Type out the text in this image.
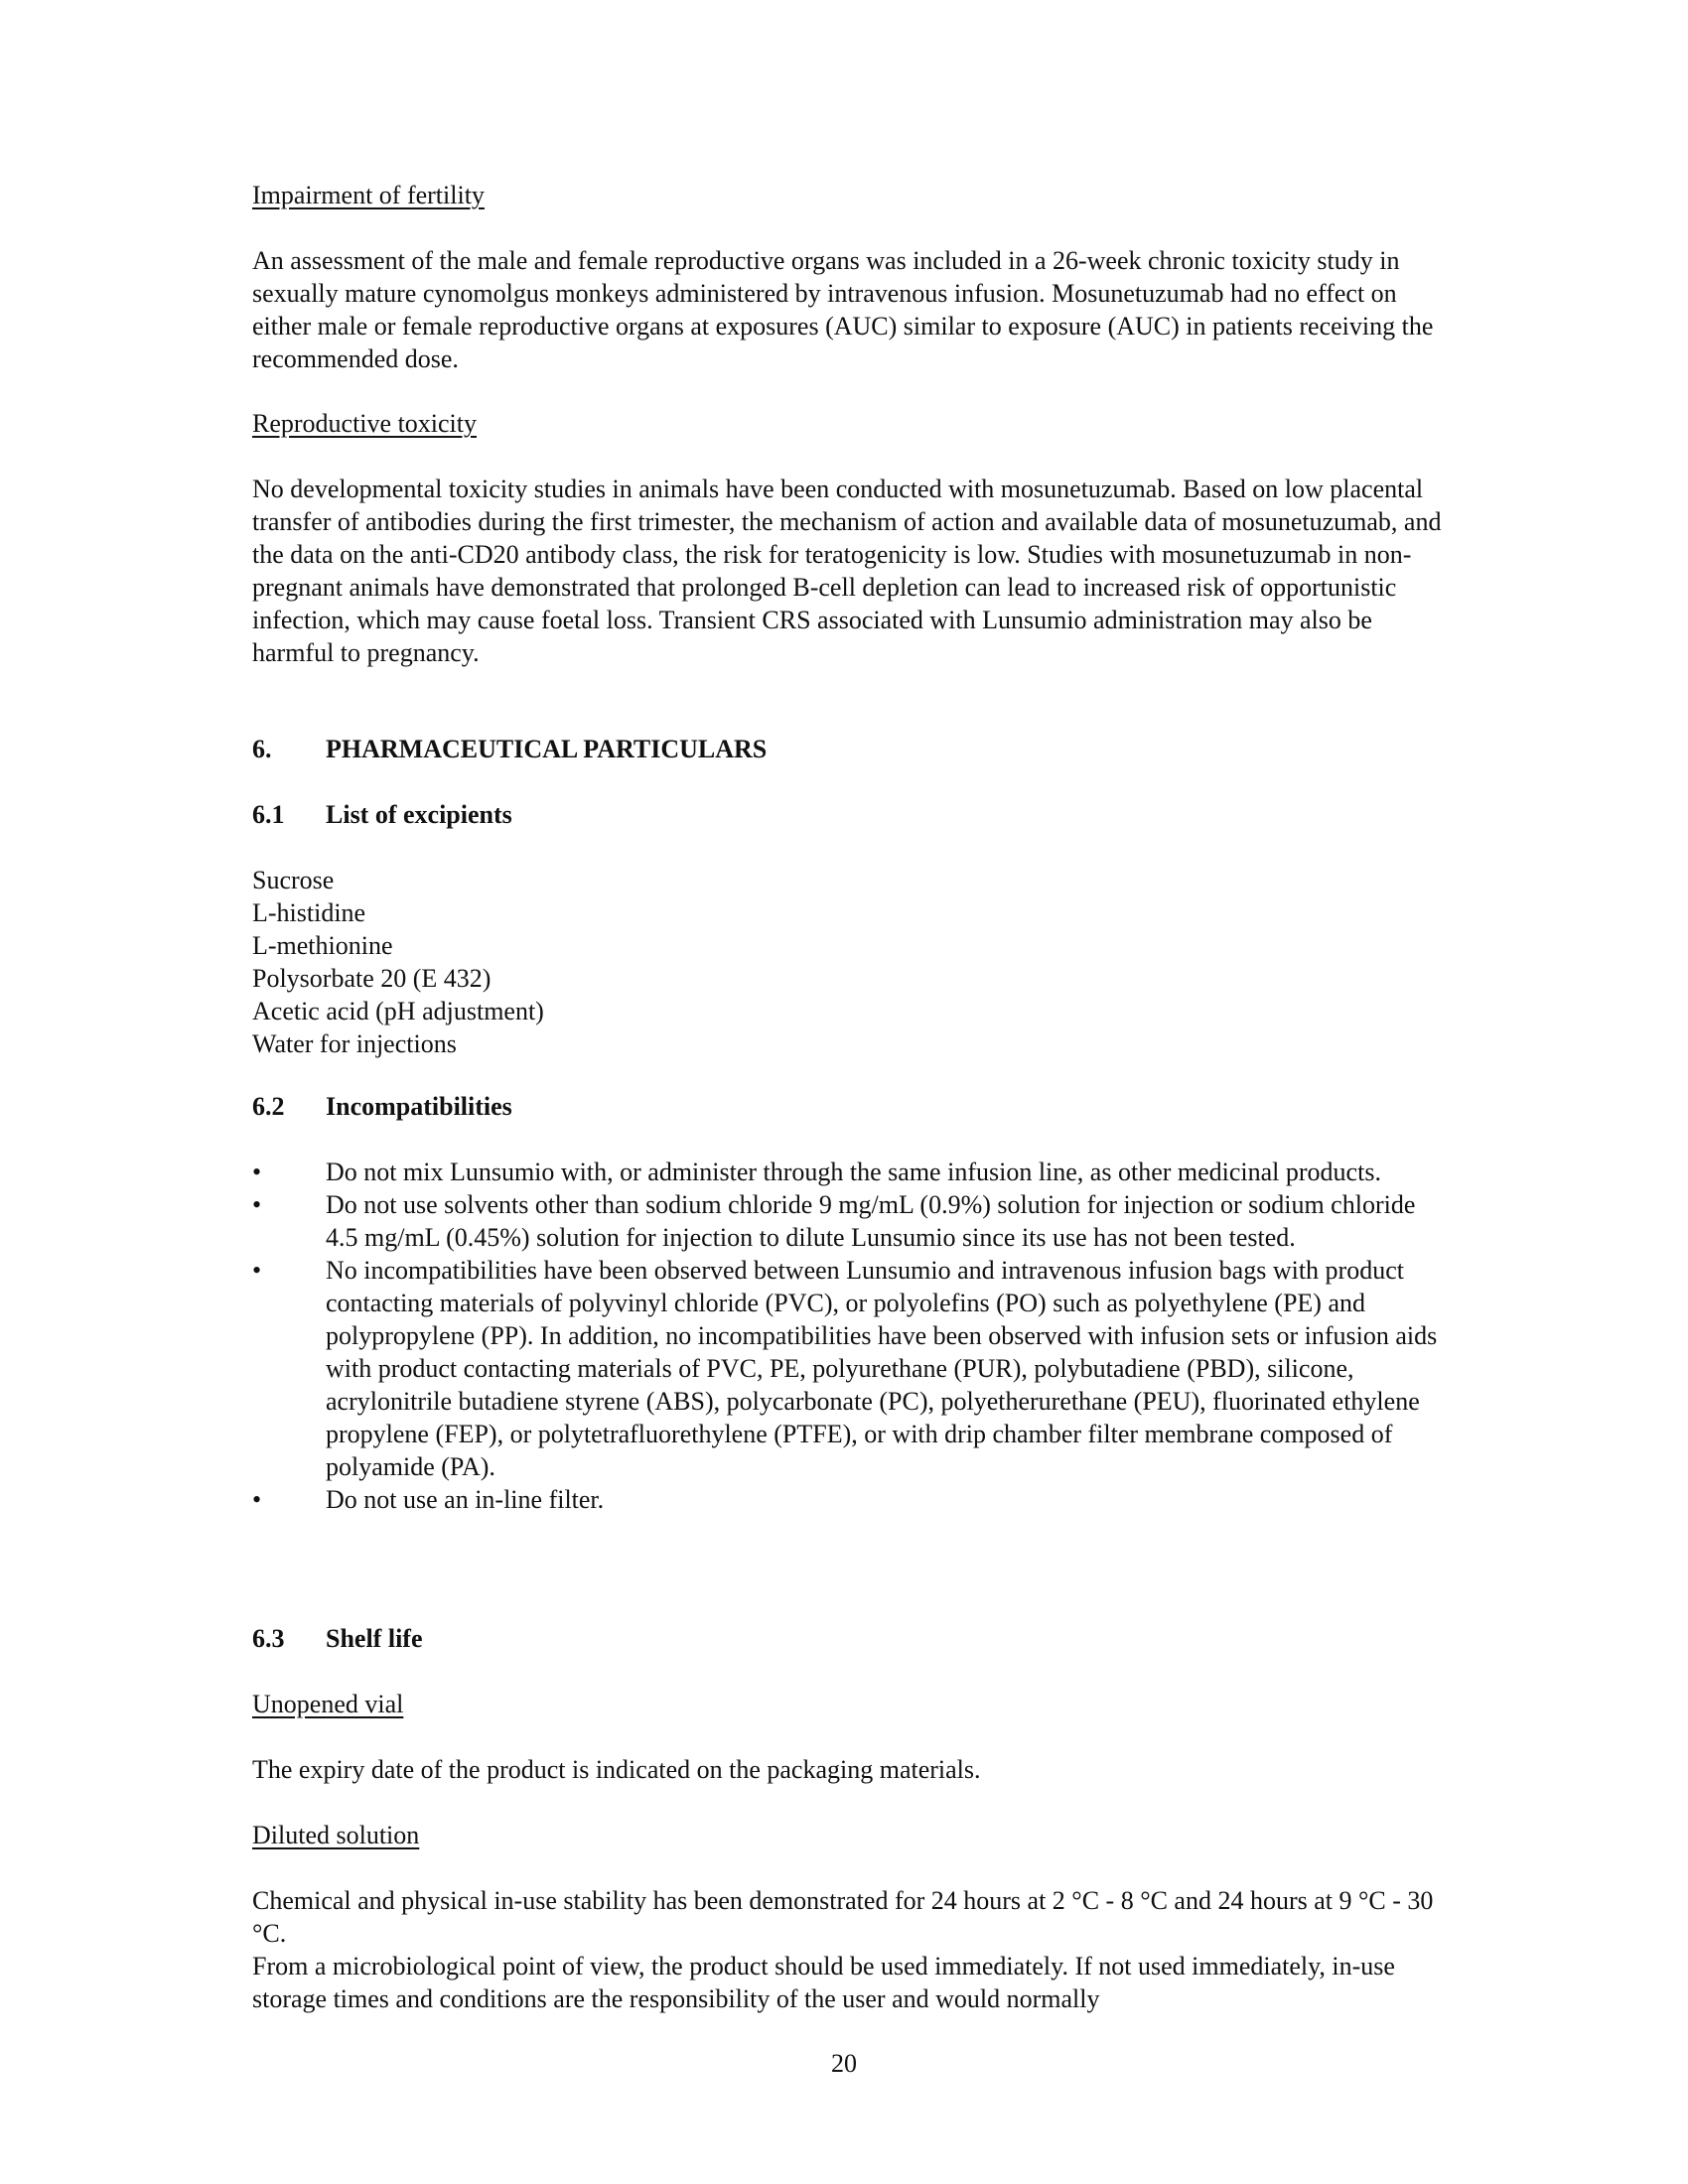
Impairment of fertility

An assessment of the male and female reproductive organs was included in a 26-week chronic toxicity study in sexually mature cynomolgus monkeys administered by intravenous infusion. Mosunetuzumab had no effect on either male or female reproductive organs at exposures (AUC) similar to exposure (AUC) in patients receiving the recommended dose.

Reproductive toxicity

No developmental toxicity studies in animals have been conducted with mosunetuzumab. Based on low placental transfer of antibodies during the first trimester, the mechanism of action and available data of mosunetuzumab, and the data on the anti-CD20 antibody class, the risk for teratogenicity is low. Studies with mosunetuzumab in non-pregnant animals have demonstrated that prolonged B-cell depletion can lead to increased risk of opportunistic infection, which may cause foetal loss. Transient CRS associated with Lunsumio administration may also be harmful to pregnancy.

6. PHARMACEUTICAL PARTICULARS

6.1 List of excipients

Sucrose
L-histidine
L-methionine
Polysorbate 20 (E 432)
Acetic acid (pH adjustment)
Water for injections

6.2 Incompatibilities

•	Do not mix Lunsumio with, or administer through the same infusion line, as other medicinal products.
•	Do not use solvents other than sodium chloride 9 mg/mL (0.9%) solution for injection or sodium chloride 4.5 mg/mL (0.45%) solution for injection to dilute Lunsumio since its use has not been tested.
•	No incompatibilities have been observed between Lunsumio and intravenous infusion bags with product contacting materials of polyvinyl chloride (PVC), or polyolefins (PO) such as polyethylene (PE) and polypropylene (PP). In addition, no incompatibilities have been observed with infusion sets or infusion aids with product contacting materials of PVC, PE, polyurethane (PUR), polybutadiene (PBD), silicone, acrylonitrile butadiene styrene (ABS), polycarbonate (PC), polyetherurethane (PEU), fluorinated ethylene propylene (FEP), or polytetrafluorethylene (PTFE), or with drip chamber filter membrane composed of polyamide (PA).
•	Do not use an in-line filter.

6.3 Shelf life

Unopened vial

The expiry date of the product is indicated on the packaging materials.

Diluted solution

Chemical and physical in-use stability has been demonstrated for 24 hours at 2 °C - 8 °C and 24 hours at 9 °C - 30 °C.
From a microbiological point of view, the product should be used immediately. If not used immediately, in-use storage times and conditions are the responsibility of the user and would normally

20
